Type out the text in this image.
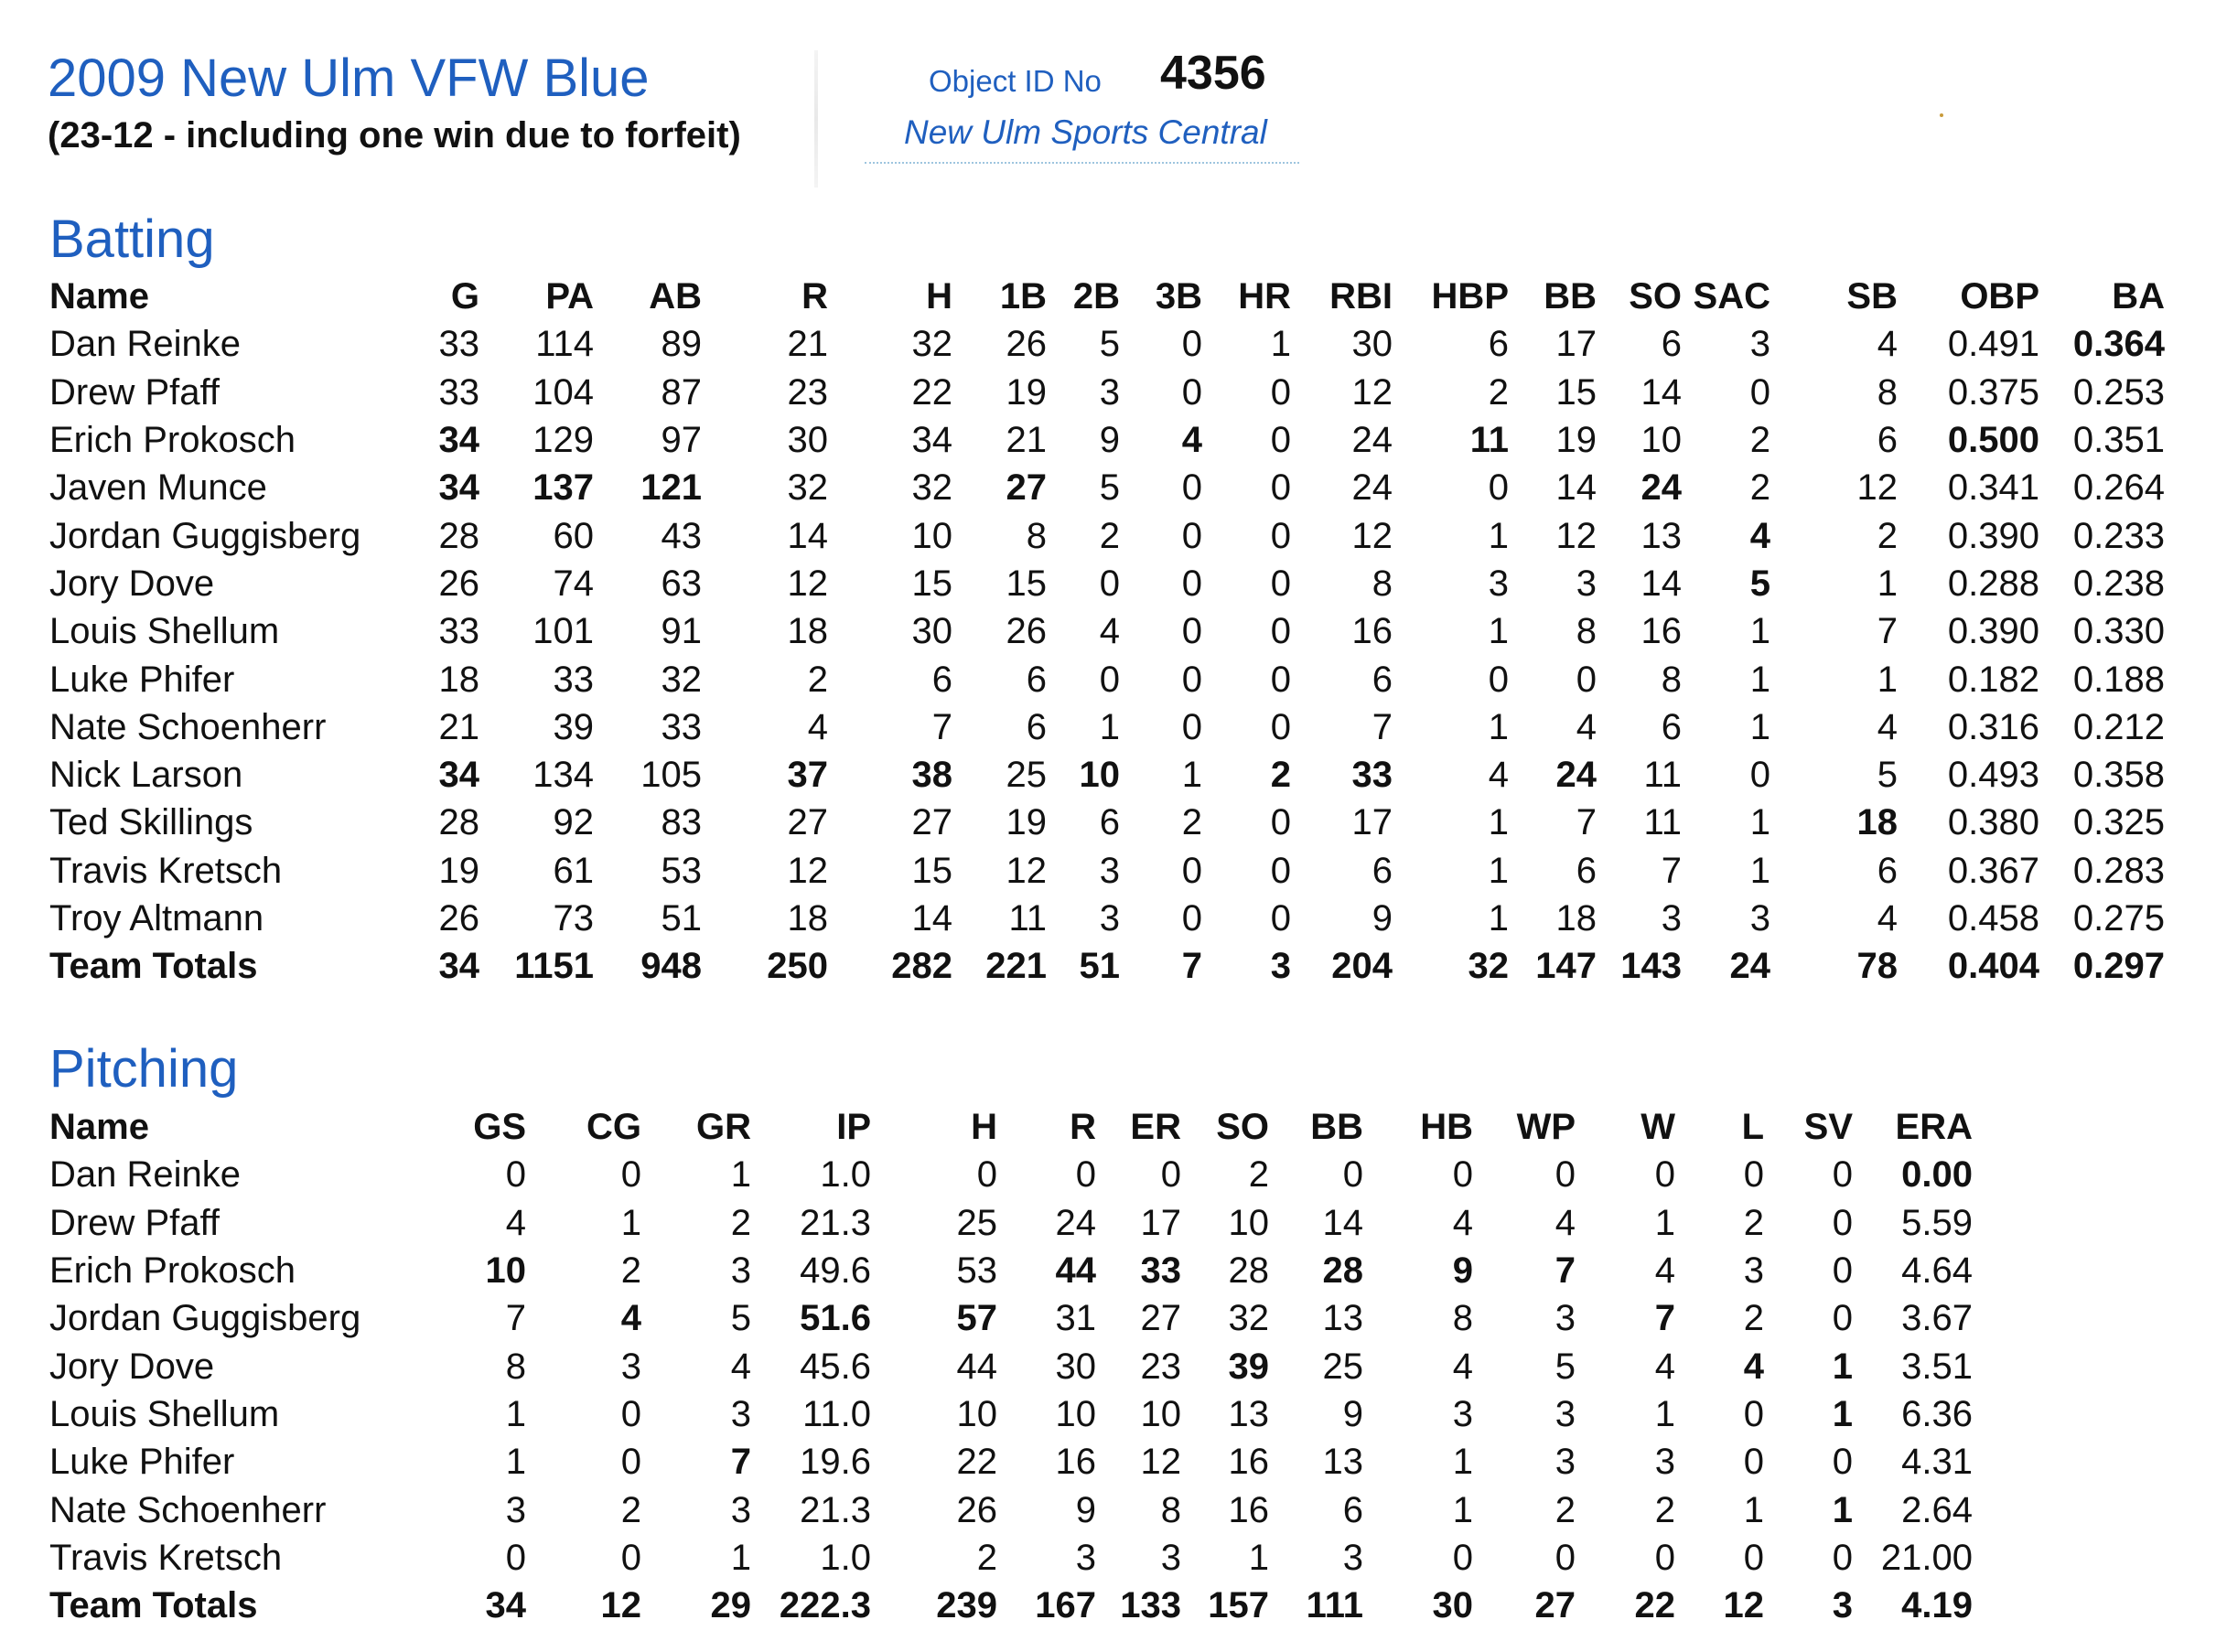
2009 New Ulm VFW Blue
(23-12 - including one win due to forfeit)
Object ID No 4356
New Ulm Sports Central
Batting
Name	G	PA	AB	R	H	1B	2B	3B	HR	RBI	HBP	BB	SO	SAC	SB	OBP	BA
Dan Reinke	33	114	89	21	32	26	5	0	1	30	6	17	6	3	4	0.491	0.364
Drew Pfaff	33	104	87	23	22	19	3	0	0	12	2	15	14	0	8	0.375	0.253
Erich Prokosch	34	129	97	30	34	21	9	4	0	24	11	19	10	2	6	0.500	0.351
Javen Munce	34	137	121	32	32	27	5	0	0	24	0	14	24	2	12	0.341	0.264
Jordan Guggisberg	28	60	43	14	10	8	2	0	0	12	1	12	13	4	2	0.390	0.233
Jory Dove	26	74	63	12	15	15	0	0	0	8	3	3	14	5	1	0.288	0.238
Louis Shellum	33	101	91	18	30	26	4	0	0	16	1	8	16	1	7	0.390	0.330
Luke Phifer	18	33	32	2	6	6	0	0	0	6	0	0	8	1	1	0.182	0.188
Nate Schoenherr	21	39	33	4	7	6	1	0	0	7	1	4	6	1	4	0.316	0.212
Nick Larson	34	134	105	37	38	25	10	1	2	33	4	24	11	0	5	0.493	0.358
Ted Skillings	28	92	83	27	27	19	6	2	0	17	1	7	11	1	18	0.380	0.325
Travis Kretsch	19	61	53	12	15	12	3	0	0	6	1	6	7	1	6	0.367	0.283
Troy Altmann	26	73	51	18	14	11	3	0	0	9	1	18	3	3	4	0.458	0.275
Team Totals	34	1151	948	250	282	221	51	7	3	204	32	147	143	24	78	0.404	0.297
Pitching
Name	GS	CG	GR	IP	H	R	ER	SO	BB	HB	WP	W	L	SV	ERA
Dan Reinke	0	0	1	1.0	0	0	0	2	0	0	0	0	0	0	0.00
Drew Pfaff	4	1	2	21.3	25	24	17	10	14	4	4	1	2	0	5.59
Erich Prokosch	10	2	3	49.6	53	44	33	28	28	9	7	4	3	0	4.64
Jordan Guggisberg	7	4	5	51.6	57	31	27	32	13	8	3	7	2	0	3.67
Jory Dove	8	3	4	45.6	44	30	23	39	25	4	5	4	4	1	3.51
Louis Shellum	1	0	3	11.0	10	10	10	13	9	3	3	1	0	1	6.36
Luke Phifer	1	0	7	19.6	22	16	12	16	13	1	3	3	0	0	4.31
Nate Schoenherr	3	2	3	21.3	26	9	8	16	6	1	2	2	1	1	2.64
Travis Kretsch	0	0	1	1.0	2	3	3	1	3	0	0	0	0	0	21.00
Team Totals	34	12	29	222.3	239	167	133	157	111	30	27	22	12	3	4.19
